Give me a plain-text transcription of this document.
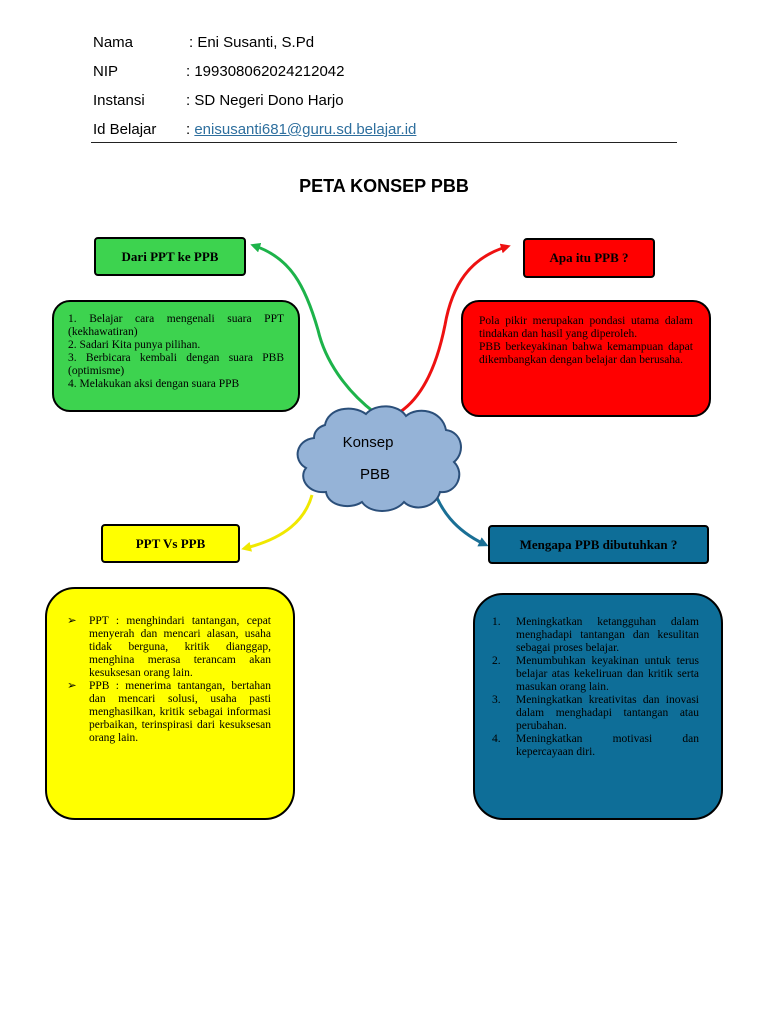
Nama	: Eni Susanti, S.Pd
NIP	: 199308062024212042
Instansi	: SD Negeri Dono Harjo
Id Belajar : enisusanti681@guru.sd.belajar.id
PETA KONSEP PBB
Konsep
PBB
Dari PPT ke PPB
1. Belajar cara mengenali suara PPT (kekhawatiran)
2. Sadari Kita punya pilihan.
3. Berbicara kembali dengan suara PBB (optimisme)
4. Melakukan aksi dengan suara PPB
Apa itu PPB ?
Pola pikir merupakan pondasi utama dalam tindakan dan hasil yang diperoleh.
PBB berkeyakinan bahwa kemampuan dapat dikembangkan dengan belajar dan berusaha.
PPT Vs PPB
➢ PPT : menghindari tantangan, cepat menyerah dan mencari alasan, usaha tidak berguna, kritik dianggap, menghina merasa terancam akan kesuksesan orang lain.
➢ PPB : menerima tantangan, bertahan dan mencari solusi, usaha pasti menghasilkan, kritik sebagai informasi perbaikan, terinspirasi dari kesuksesan orang lain.
Mengapa PPB dibutuhkan ?
1. Meningkatkan ketangguhan dalam menghadapi tantangan dan kesulitan sebagai proses belajar.
2. Menumbuhkan keyakinan untuk terus belajar atas kekeliruan dan kritik serta masukan orang lain.
3. Meningkatkan kreativitas dan inovasi dalam menghadapi tantangan atau perubahan.
4. Meningkatkan motivasi dan kepercayaan diri.
